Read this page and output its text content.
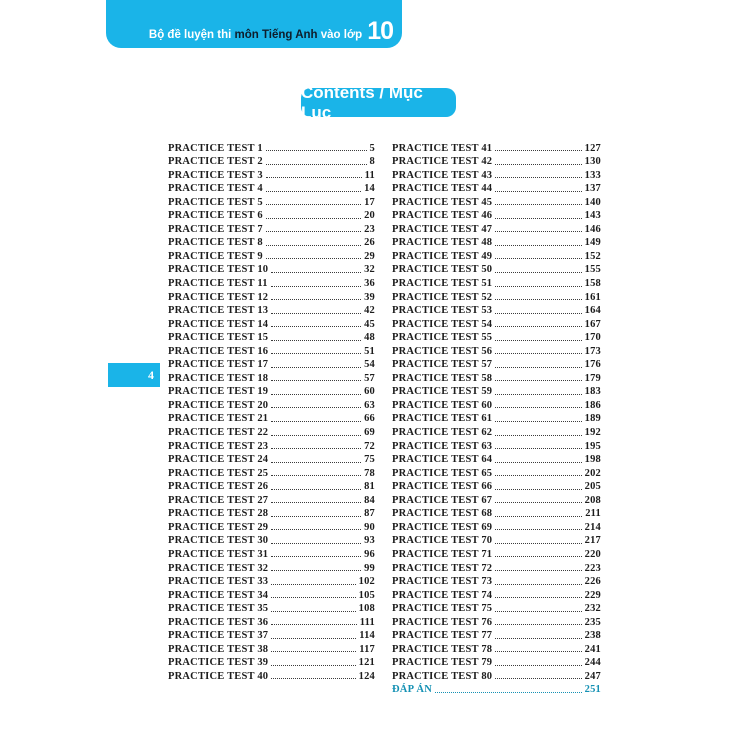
Bộ đề luyện thi môn Tiếng Anh vào lớp 10
4
Contents / Mục Lục
PRACTICE TEST 1	5
PRACTICE TEST 2	8
PRACTICE TEST 3	11
PRACTICE TEST 4	14
PRACTICE TEST 5	17
PRACTICE TEST 6	20
PRACTICE TEST 7	23
PRACTICE TEST 8	26
PRACTICE TEST 9	29
PRACTICE TEST 10	32
PRACTICE TEST 11	36
PRACTICE TEST 12	39
PRACTICE TEST 13	42
PRACTICE TEST 14	45
PRACTICE TEST 15	48
PRACTICE TEST 16	51
PRACTICE TEST 17	54
PRACTICE TEST 18	57
PRACTICE TEST 19	60
PRACTICE TEST 20	63
PRACTICE TEST 21	66
PRACTICE TEST 22	69
PRACTICE TEST 23	72
PRACTICE TEST 24	75
PRACTICE TEST 25	78
PRACTICE TEST 26	81
PRACTICE TEST 27	84
PRACTICE TEST 28	87
PRACTICE TEST 29	90
PRACTICE TEST 30	93
PRACTICE TEST 31	96
PRACTICE TEST 32	99
PRACTICE TEST 33	102
PRACTICE TEST 34	105
PRACTICE TEST 35	108
PRACTICE TEST 36	111
PRACTICE TEST 37	114
PRACTICE TEST 38	117
PRACTICE TEST 39	121
PRACTICE TEST 40	124
PRACTICE TEST 41	127
PRACTICE TEST 42	130
PRACTICE TEST 43	133
PRACTICE TEST 44	137
PRACTICE TEST 45	140
PRACTICE TEST 46	143
PRACTICE TEST 47	146
PRACTICE TEST 48	149
PRACTICE TEST 49	152
PRACTICE TEST 50	155
PRACTICE TEST 51	158
PRACTICE TEST 52	161
PRACTICE TEST 53	164
PRACTICE TEST 54	167
PRACTICE TEST 55	170
PRACTICE TEST 56	173
PRACTICE TEST 57	176
PRACTICE TEST 58	179
PRACTICE TEST 59	183
PRACTICE TEST 60	186
PRACTICE TEST 61	189
PRACTICE TEST 62	192
PRACTICE TEST 63	195
PRACTICE TEST 64	198
PRACTICE TEST 65	202
PRACTICE TEST 66	205
PRACTICE TEST 67	208
PRACTICE TEST 68	211
PRACTICE TEST 69	214
PRACTICE TEST 70	217
PRACTICE TEST 71	220
PRACTICE TEST 72	223
PRACTICE TEST 73	226
PRACTICE TEST 74	229
PRACTICE TEST 75	232
PRACTICE TEST 76	235
PRACTICE TEST 77	238
PRACTICE TEST 78	241
PRACTICE TEST 79	244
PRACTICE TEST 80	247
ĐÁP ÁN	251
